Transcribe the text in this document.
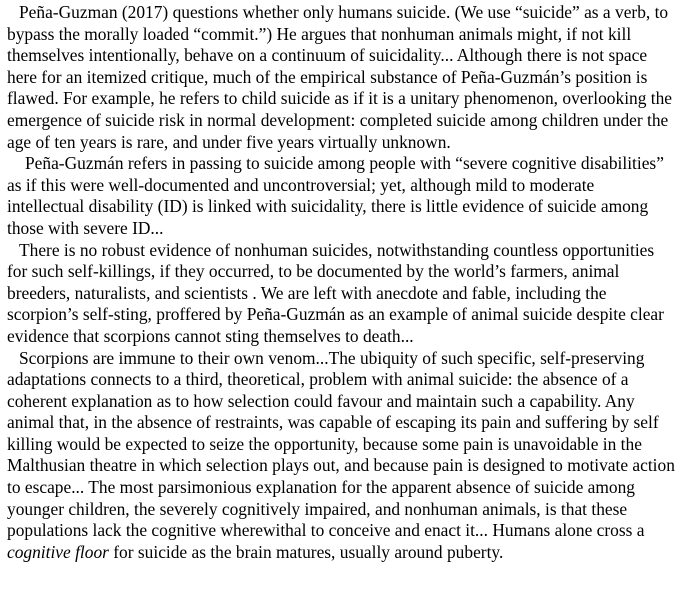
Peña-Guzman (2017) questions whether only humans suicide. (We use “suicide” as a verb, to bypass the morally loaded “commit.”) He argues that nonhuman animals might, if not kill themselves intentionally, behave on a continuum of suicidality... Although there is not space here for an itemized critique, much of the empirical substance of Peña-Guzmán’s position is flawed. For example, he refers to child suicide as if it is a unitary phenomenon, overlooking the emergence of suicide risk in normal development: completed suicide among children under the age of ten years is rare, and under five years virtually unknown.

Peña-Guzmán refers in passing to suicide among people with “severe cognitive disabilities” as if this were well-documented and uncontroversial; yet, although mild to moderate intellectual disability (ID) is linked with suicidality, there is little evidence of suicide among those with severe ID...

There is no robust evidence of nonhuman suicides, notwithstanding countless opportunities for such self-killings, if they occurred, to be documented by the world’s farmers, animal breeders, naturalists, and scientists . We are left with anecdote and fable, including the scorpion’s self-sting, proffered by Peña-Guzmán as an example of animal suicide despite clear evidence that scorpions cannot sting themselves to death...

Scorpions are immune to their own venom...The ubiquity of such specific, self-preserving adaptations connects to a third, theoretical, problem with animal suicide: the absence of a coherent explanation as to how selection could favour and maintain such a capability. Any animal that, in the absence of restraints, was capable of escaping its pain and suffering by self killing would be expected to seize the opportunity, because some pain is unavoidable in the Malthusian theatre in which selection plays out, and because pain is designed to motivate action to escape... The most parsimonious explanation for the apparent absence of suicide among younger children, the severely cognitively impaired, and nonhuman animals, is that these populations lack the cognitive wherewithal to conceive and enact it... Humans alone cross a cognitive floor for suicide as the brain matures, usually around puberty.
